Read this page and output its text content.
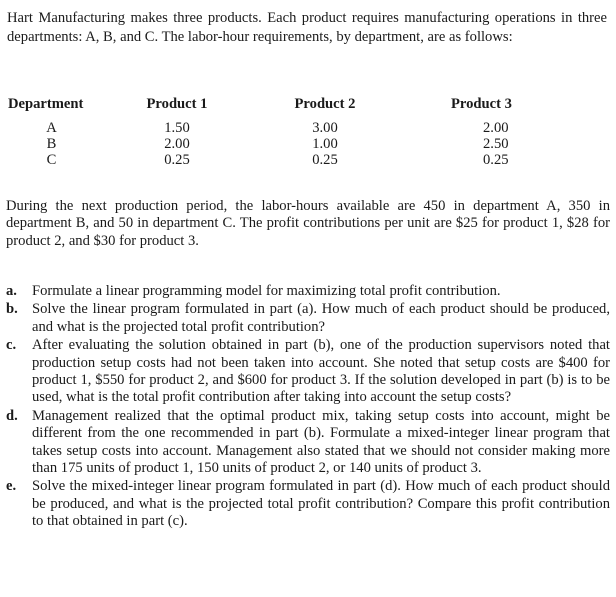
Hart Manufacturing makes three products. Each product requires manufacturing operations in three departments: A, B, and C. The labor-hour requirements, by department, are as follows:

Department	Product 1	Product 2	Product 3
A	1.50	3.00	2.00
B	2.00	1.00	2.50
C	0.25	0.25	0.25

During the next production period, the labor-hours available are 450 in department A, 350 in department B, and 50 in department C. The profit contributions per unit are $25 for product 1, $28 for product 2, and $30 for product 3.

a. Formulate a linear programming model for maximizing total profit contribution.
b. Solve the linear program formulated in part (a). How much of each product should be produced, and what is the projected total profit contribution?
c. After evaluating the solution obtained in part (b), one of the production supervisors noted that production setup costs had not been taken into account. She noted that setup costs are $400 for product 1, $550 for product 2, and $600 for product 3. If the solution developed in part (b) is to be used, what is the total profit contribution after taking into account the setup costs?
d. Management realized that the optimal product mix, taking setup costs into account, might be different from the one recommended in part (b). Formulate a mixed-integer linear program that takes setup costs into account. Management also stated that we should not consider making more than 175 units of product 1, 150 units of product 2, or 140 units of product 3.
e. Solve the mixed-integer linear program formulated in part (d). How much of each product should be produced, and what is the projected total profit contribution? Compare this profit contribution to that obtained in part (c).
